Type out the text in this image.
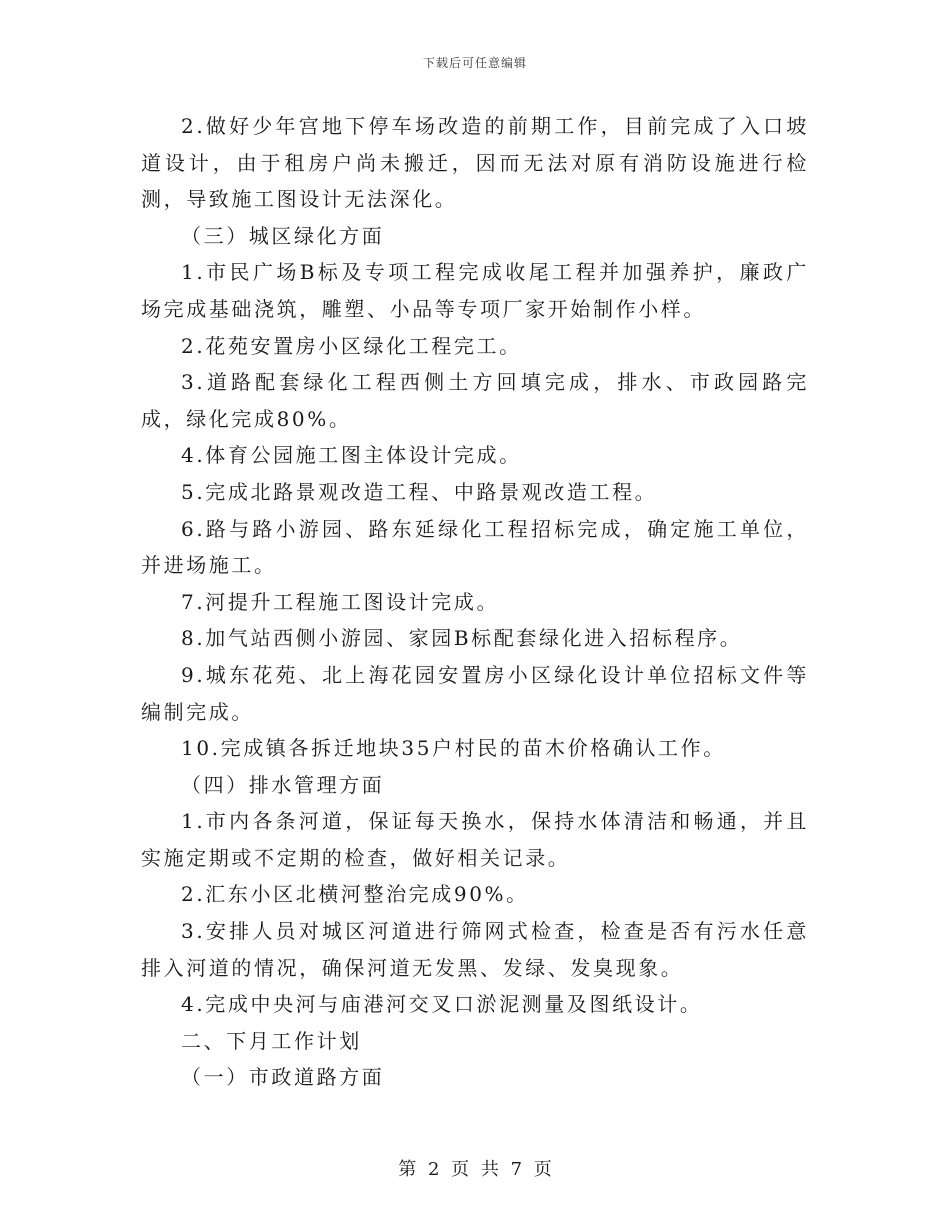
下载后可任意编辑

2.做好少年宫地下停车场改造的前期工作，目前完成了入口坡道设计，由于租房户尚未搬迁，因而无法对原有消防设施进行检测，导致施工图设计无法深化。

（三）城区绿化方面

1.市民广场B标及专项工程完成收尾工程并加强养护，廉政广场完成基础浇筑，雕塑、小品等专项厂家开始制作小样。

2.花苑安置房小区绿化工程完工。

3.道路配套绿化工程西侧土方回填完成，排水、市政园路完成，绿化完成80%。

4.体育公园施工图主体设计完成。

5.完成北路景观改造工程、中路景观改造工程。

6.路与路小游园、路东延绿化工程招标完成，确定施工单位，并进场施工。

7.河提升工程施工图设计完成。

8.加气站西侧小游园、家园B标配套绿化进入招标程序。

9.城东花苑、北上海花园安置房小区绿化设计单位招标文件等编制完成。

10.完成镇各拆迁地块35户村民的苗木价格确认工作。

（四）排水管理方面

1.市内各条河道，保证每天换水，保持水体清洁和畅通，并且实施定期或不定期的检查，做好相关记录。

2.汇东小区北横河整治完成90%。

3.安排人员对城区河道进行筛网式检查，检查是否有污水任意排入河道的情况，确保河道无发黑、发绿、发臭现象。

4.完成中央河与庙港河交叉口淤泥测量及图纸设计。

二、下月工作计划

（一）市政道路方面

第 2 页 共 7 页
